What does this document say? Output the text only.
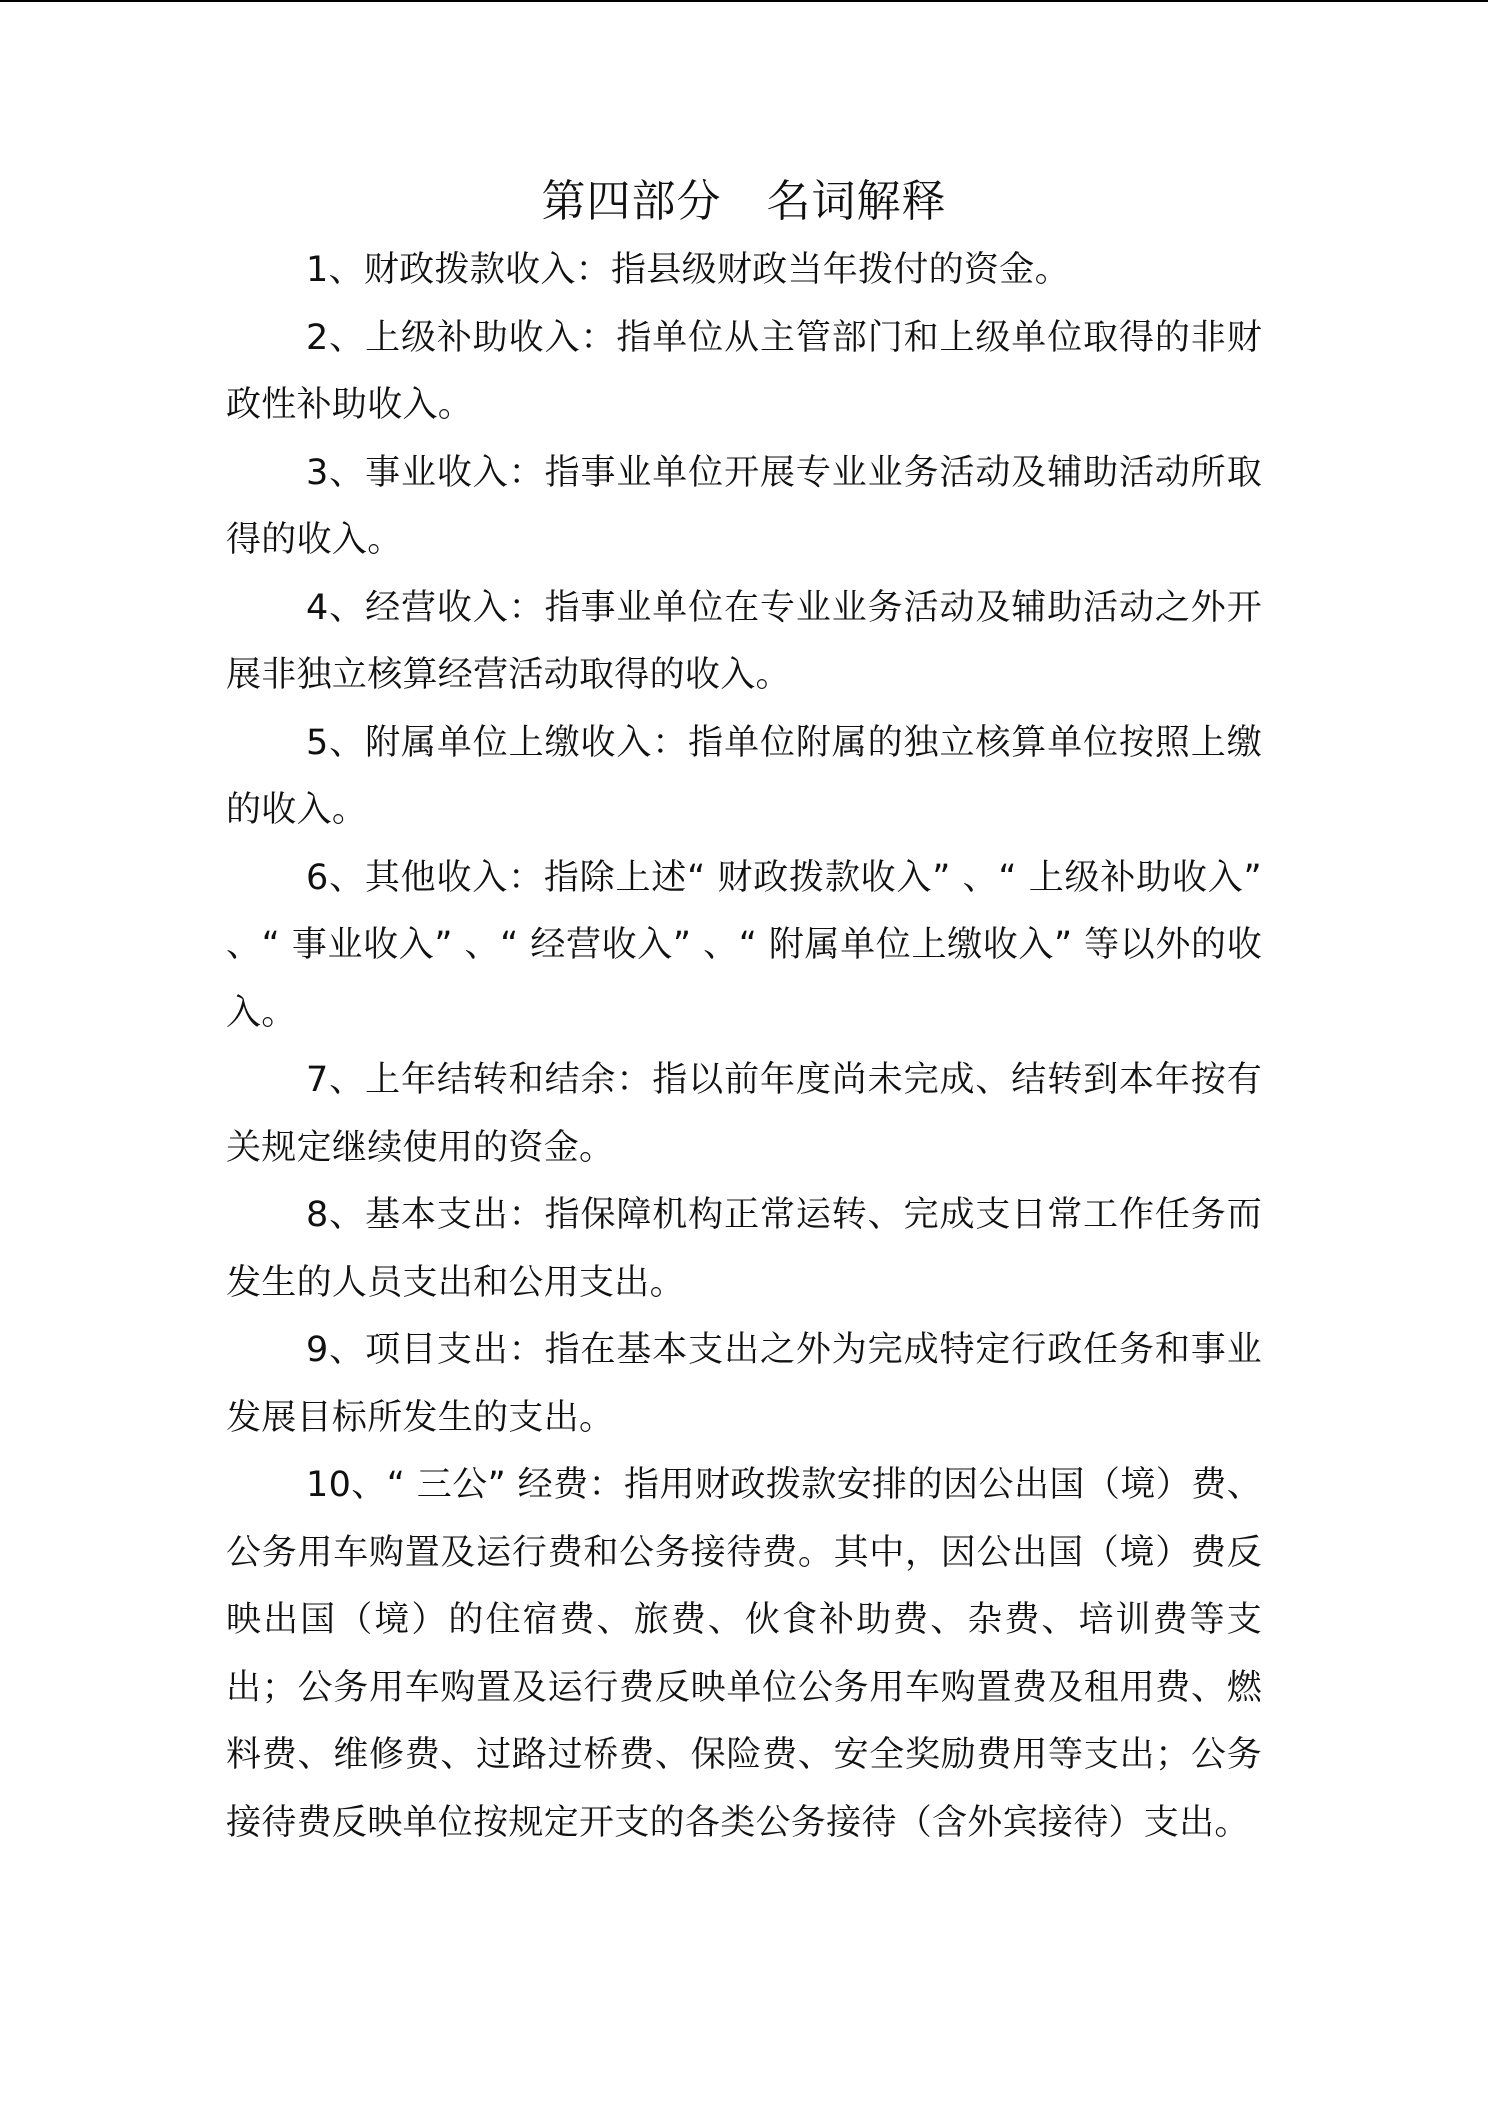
第四部分　名词解释

1、财政拨款收入：指县级财政当年拨付的资金。

2、上级补助收入：指单位从主管部门和上级单位取得的非财政性补助收入。

3、事业收入：指事业单位开展专业业务活动及辅助活动所取得的收入。

4、经营收入：指事业单位在专业业务活动及辅助活动之外开展非独立核算经营活动取得的收入。

5、附属单位上缴收入：指单位附属的独立核算单位按照上缴的收入。

6、其他收入：指除上述“ 财政拨款收入” 、“ 上级补助收入” 、“ 事业收入” 、“ 经营收入” 、“ 附属单位上缴收入” 等以外的收入。

7、上年结转和结余：指以前年度尚未完成、结转到本年按有关规定继续使用的资金。

8、基本支出：指保障机构正常运转、完成支日常工作任务而发生的人员支出和公用支出。

9、项目支出：指在基本支出之外为完成特定行政任务和事业发展目标所发生的支出。

10、“ 三公” 经费：指用财政拨款安排的因公出国（境）费、公务用车购置及运行费和公务接待费。其中，因公出国（境）费反映出国（境）的住宿费、旅费、伙食补助费、杂费、培训费等支出；公务用车购置及运行费反映单位公务用车购置费及租用费、燃料费、维修费、过路过桥费、保险费、安全奖励费用等支出；公务接待费反映单位按规定开支的各类公务接待（含外宾接待）支出。
